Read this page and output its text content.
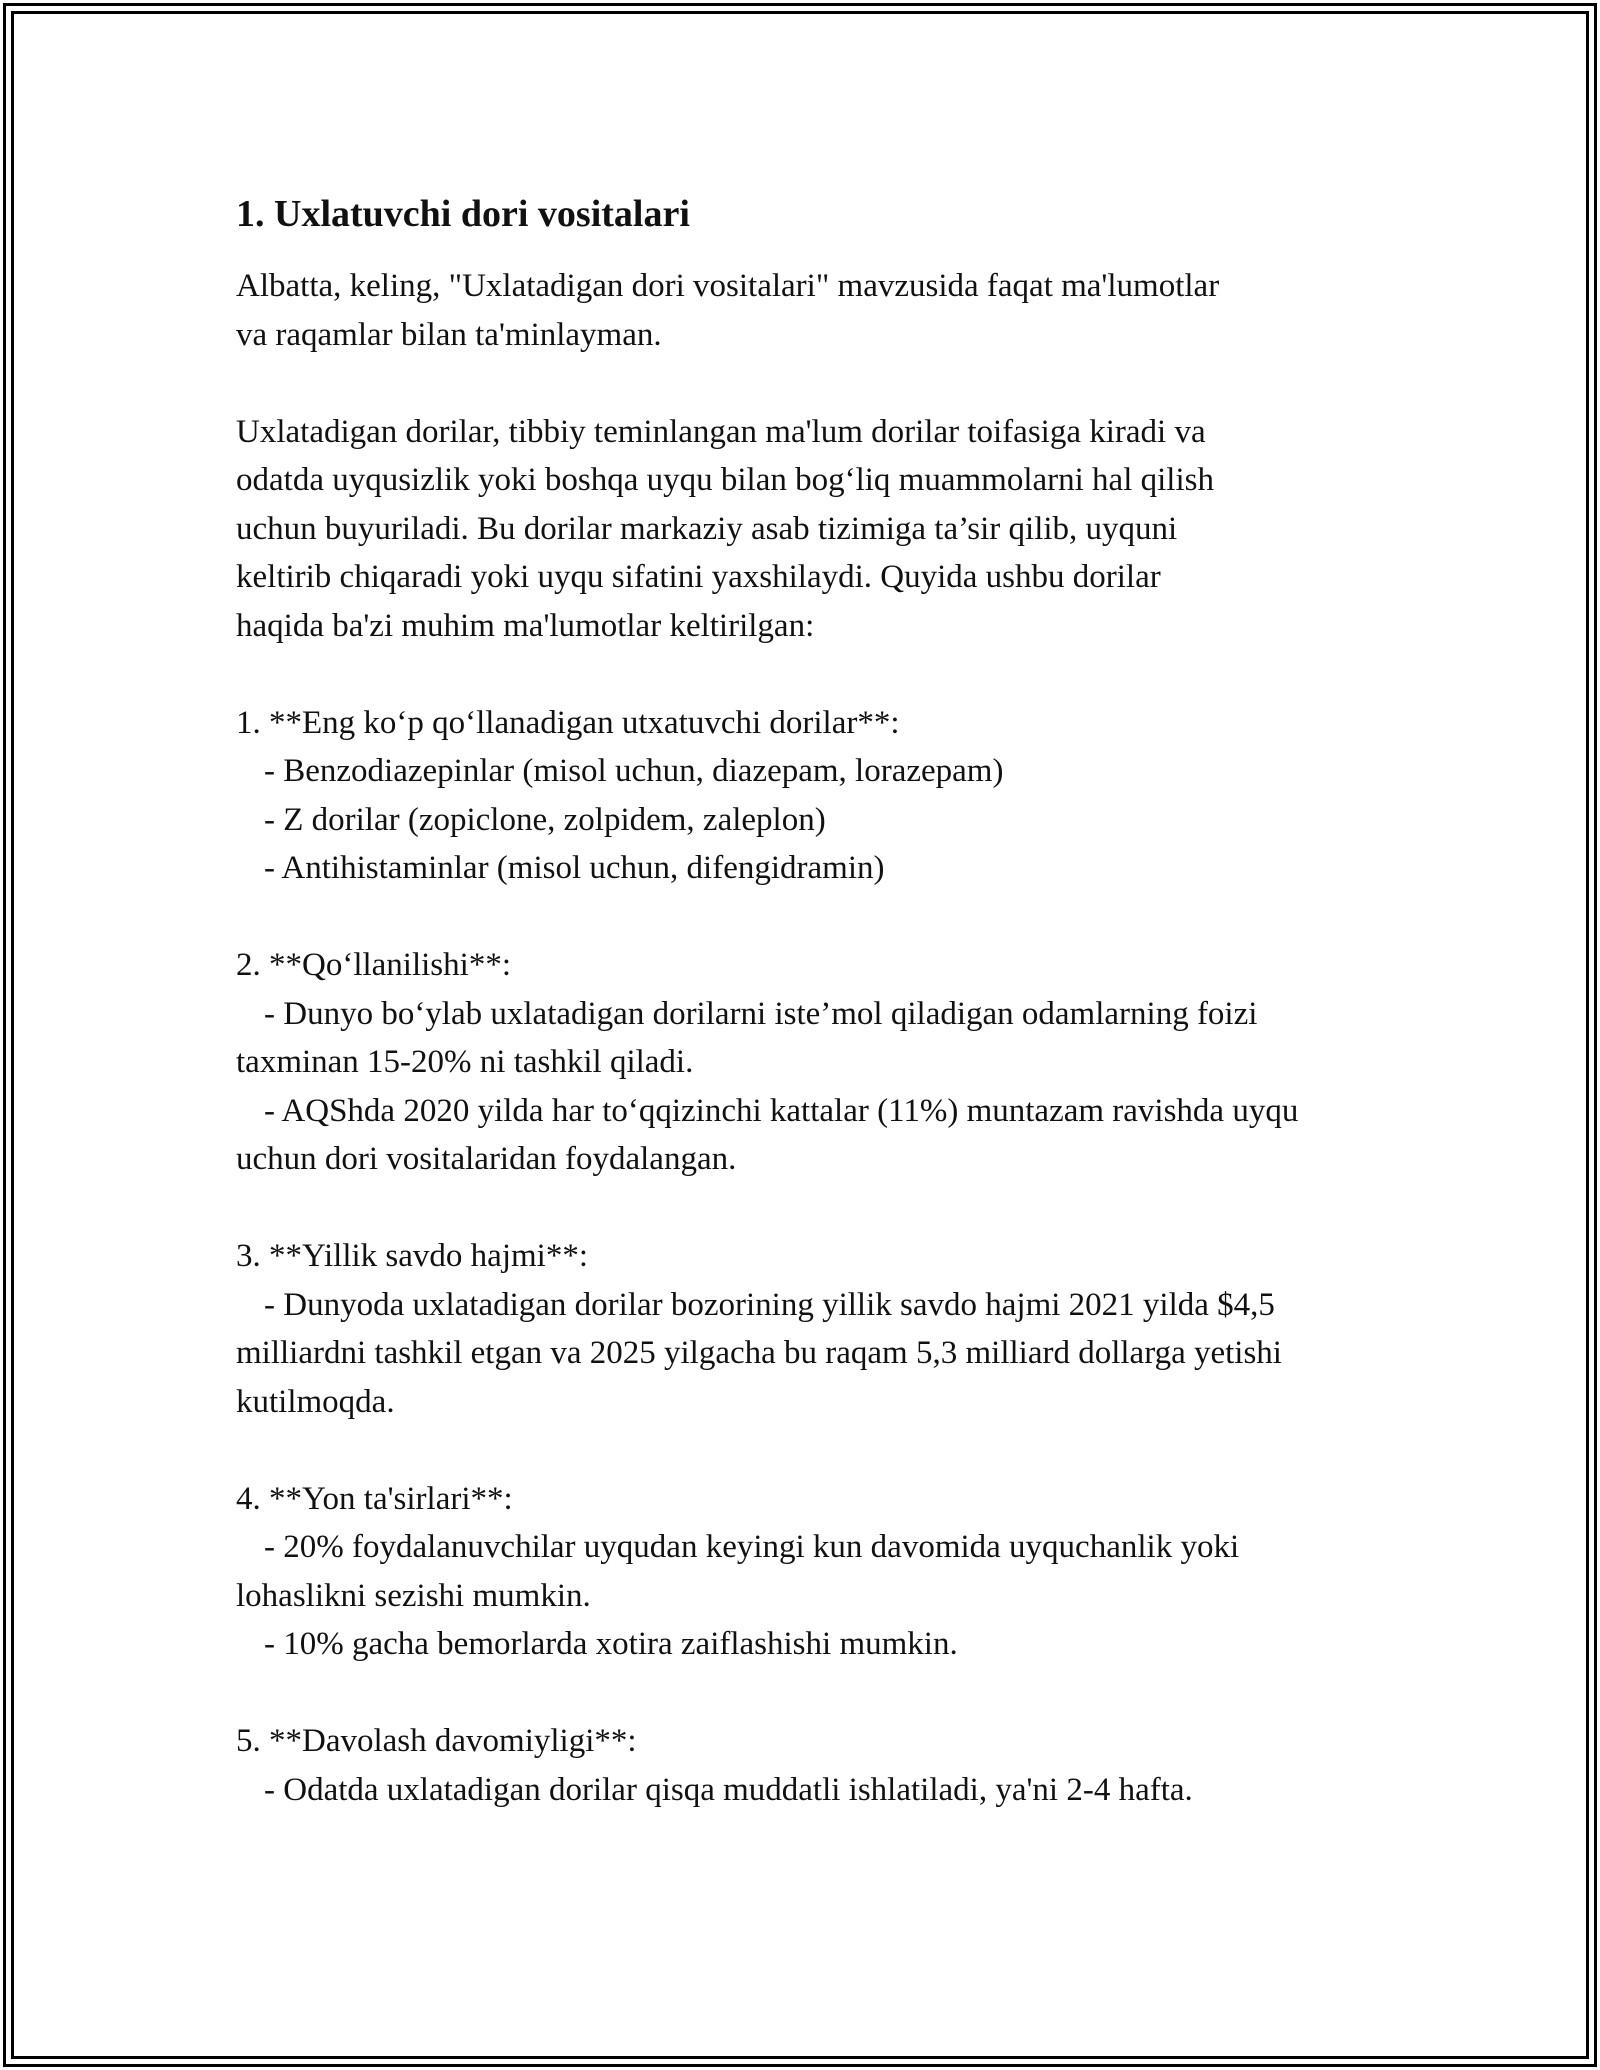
1. Uxlatuvchi dori vositalari

Albatta, keling, "Uxlatadigan dori vositalari" mavzusida faqat ma'lumotlar
va raqamlar bilan ta'minlayman.

Uxlatadigan dorilar, tibbiy teminlangan ma'lum dorilar toifasiga kiradi va
odatda uyqusizlik yoki boshqa uyqu bilan bog‘liq muammolarni hal qilish
uchun buyuriladi. Bu dorilar markaziy asab tizimiga ta’sir qilib, uyquni
keltirib chiqaradi yoki uyqu sifatini yaxshilaydi. Quyida ushbu dorilar
haqida ba'zi muhim ma'lumotlar keltirilgan:

1. **Eng ko‘p qo‘llanadigan utxatuvchi dorilar**:

- Benzodiazepinlar (misol uchun, diazepam, lorazepam)

- Z dorilar (zopiclone, zolpidem, zaleplon)

- Antihistaminlar (misol uchun, difengidramin)

2. **Qo‘llanilishi**:

- Dunyo bo‘ylab uxlatadigan dorilarni iste’mol qiladigan odamlarning foizi taxminan 15-20% ni tashkil qiladi.

- AQShda 2020 yilda har to‘qqizinchi kattalar (11%) muntazam ravishda uyqu uchun dori vositalaridan foydalangan.

3. **Yillik savdo hajmi**:

- Dunyoda uxlatadigan dorilar bozorining yillik savdo hajmi 2021 yilda $4,5 milliardni tashkil etgan va 2025 yilgacha bu raqam 5,3 milliard dollarga yetishi kutilmoqda.

4. **Yon ta'sirlari**:

- 20% foydalanuvchilar uyqudan keyingi kun davomida uyquchanlik yoki lohaslikni sezishi mumkin.

- 10% gacha bemorlarda xotira zaiflashishi mumkin.

5. **Davolash davomiyligi**:

- Odatda uxlatadigan dorilar qisqa muddatli ishlatiladi, ya'ni 2-4 hafta.
